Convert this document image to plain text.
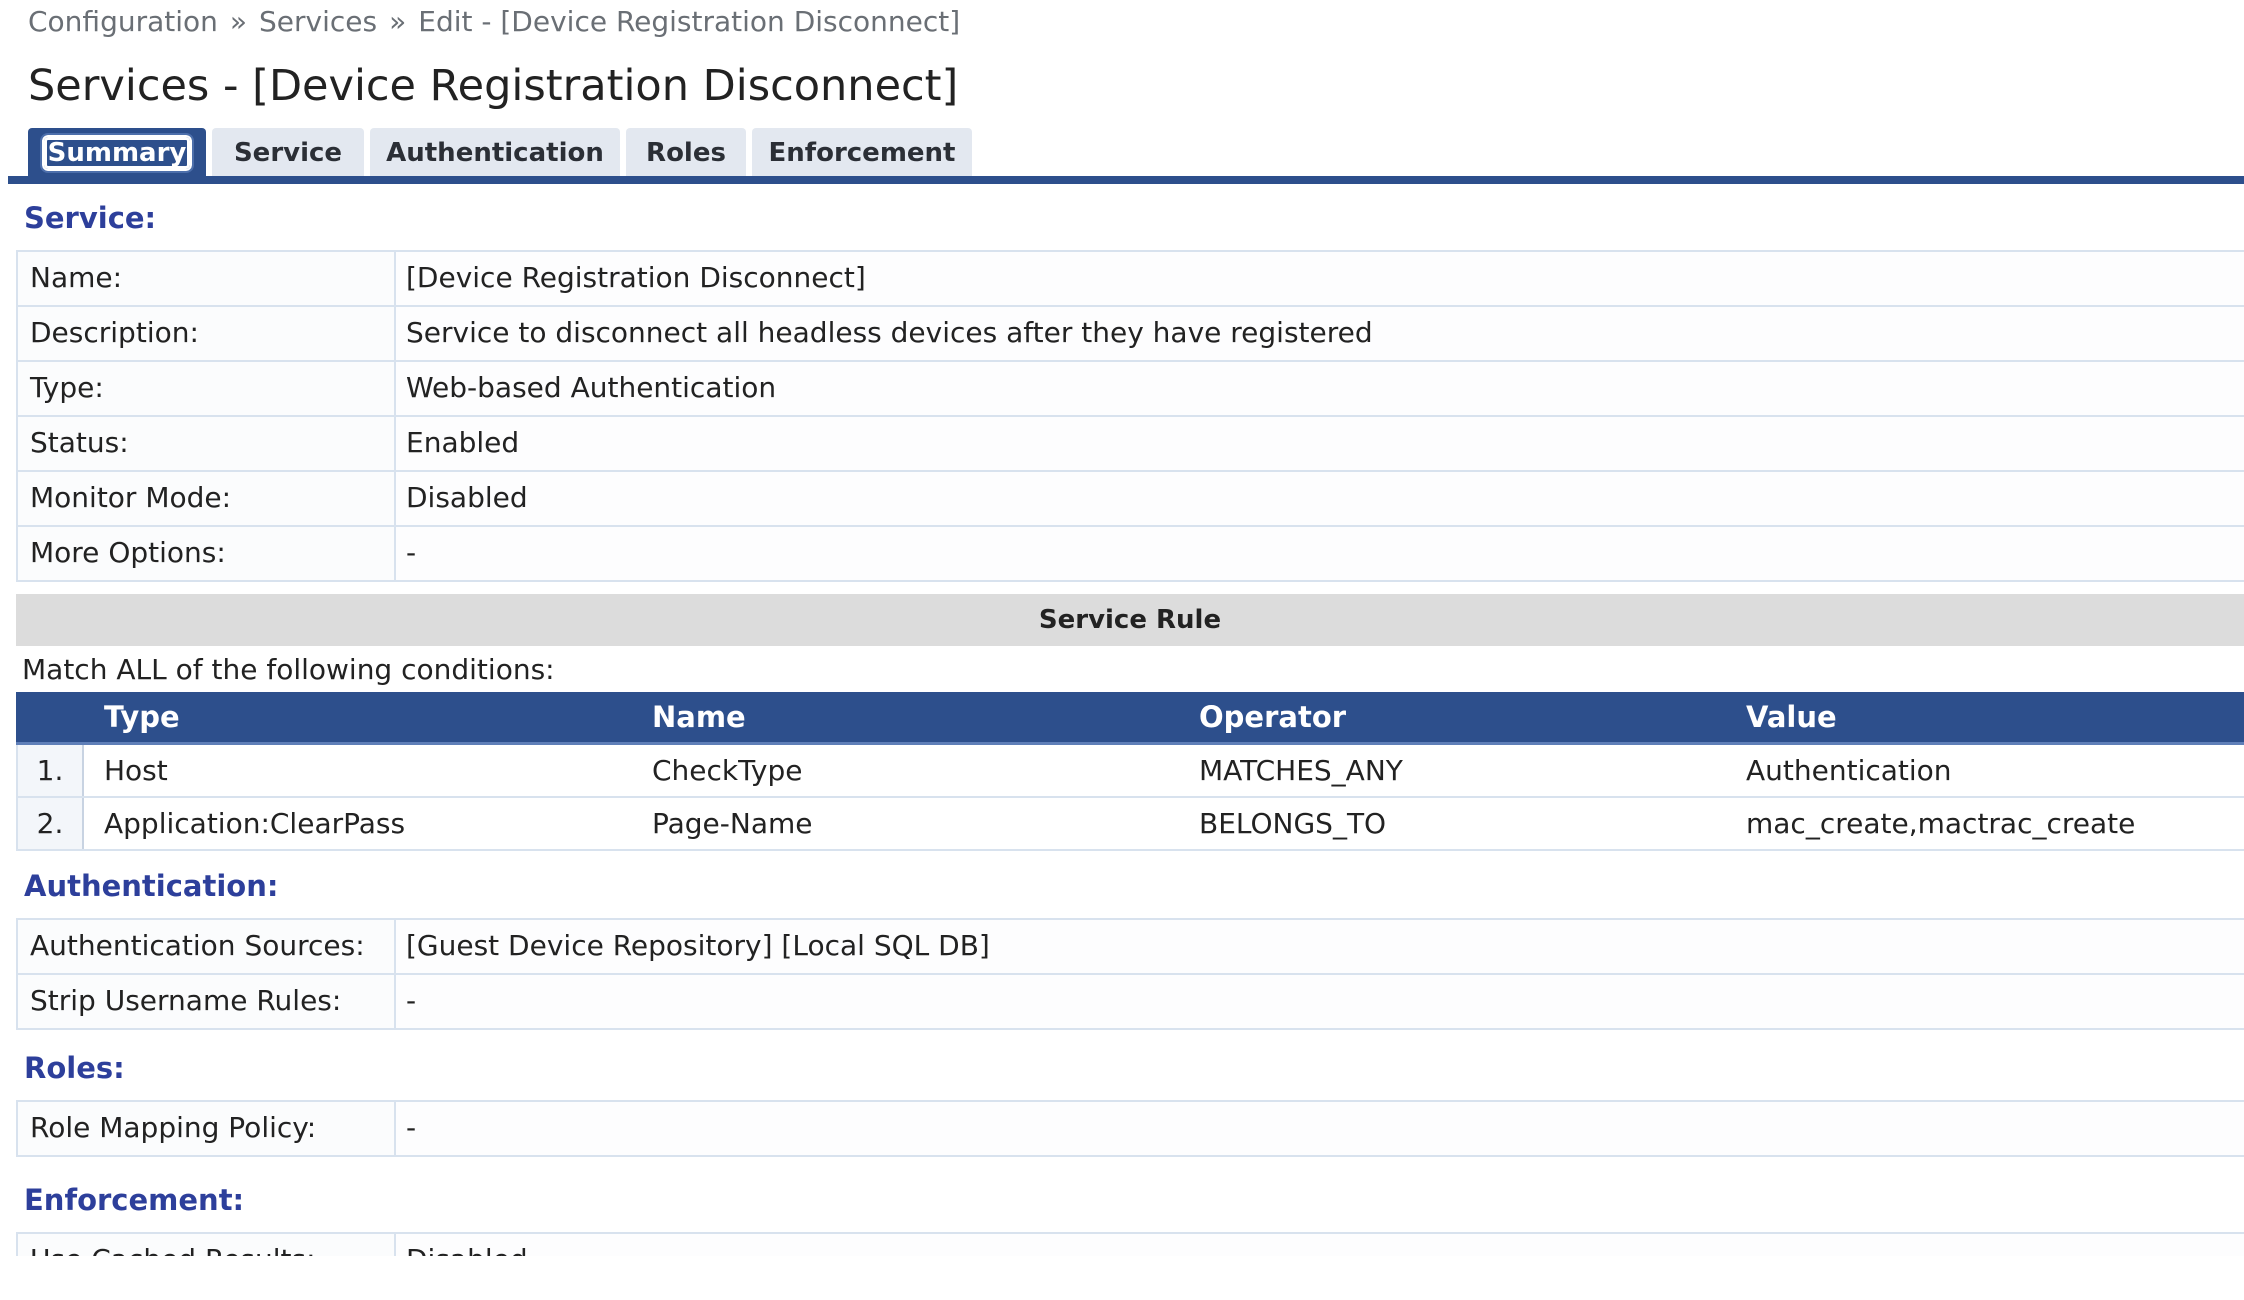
Configuration » Services » Edit - [Device Registration Disconnect]
Services - [Device Registration Disconnect]
Summary	Service	Authentication	Roles	Enforcement
Service:
Name:	[Device Registration Disconnect]
Description:	Service to disconnect all headless devices after they have registered
Type:	Web-based Authentication
Status:	Enabled
Monitor Mode:	Disabled
More Options:	-
Service Rule
Match ALL of the following conditions:
Type	Name	Operator	Value
1.	Host	CheckType	MATCHES_ANY	Authentication
2.	Application:ClearPass	Page-Name	BELONGS_TO	mac_create,mactrac_create
Authentication:
Authentication Sources:	[Guest Device Repository] [Local SQL DB]
Strip Username Rules:	-
Roles:
Role Mapping Policy:	-
Enforcement:
